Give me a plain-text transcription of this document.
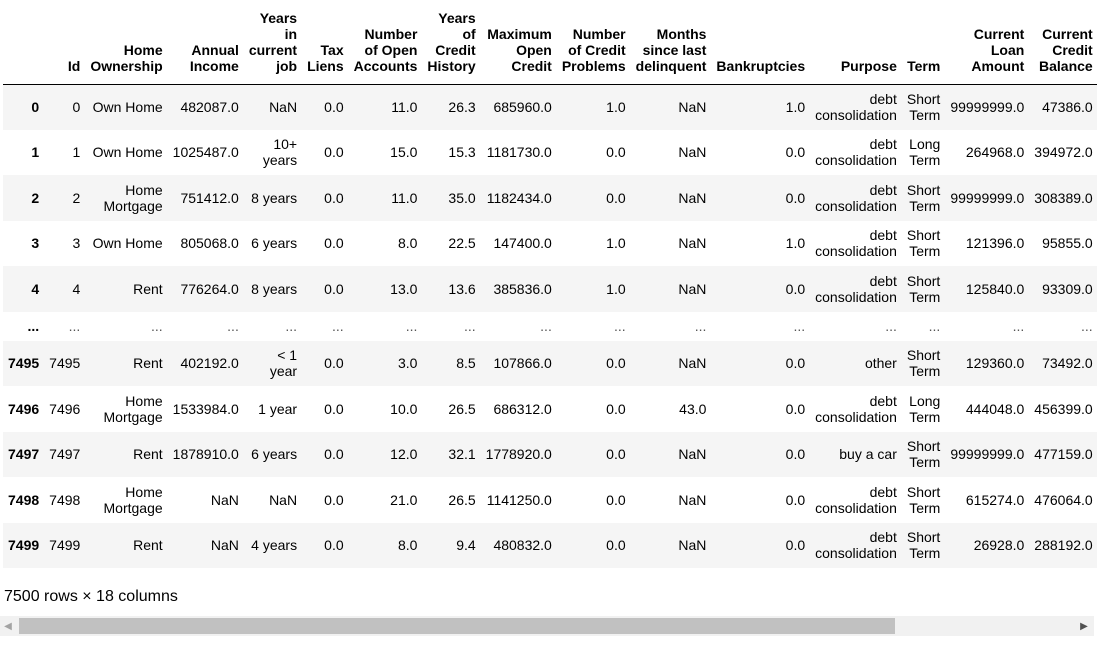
	Id	Home Ownership	Annual Income	Years in current job	Tax Liens	Number of Open Accounts	Years of Credit History	Maximum Open Credit	Number of Credit Problems	Months since last delinquent	Bankruptcies	Purpose	Term	Current Loan Amount	Current Credit Balance
0	0	Own Home	482087.0	NaN	0.0	11.0	26.3	685960.0	1.0	NaN	1.0	debt consolidation	Short Term	99999999.0	47386.0
1	1	Own Home	1025487.0	10+ years	0.0	15.0	15.3	1181730.0	0.0	NaN	0.0	debt consolidation	Long Term	264968.0	394972.0
2	2	Home Mortgage	751412.0	8 years	0.0	11.0	35.0	1182434.0	0.0	NaN	0.0	debt consolidation	Short Term	99999999.0	308389.0
3	3	Own Home	805068.0	6 years	0.0	8.0	22.5	147400.0	1.0	NaN	1.0	debt consolidation	Short Term	121396.0	95855.0
4	4	Rent	776264.0	8 years	0.0	13.0	13.6	385836.0	1.0	NaN	0.0	debt consolidation	Short Term	125840.0	93309.0
...	...	...	...	...	...	...	...	...	...	...	...	...	...	...	...
7495	7495	Rent	402192.0	< 1 year	0.0	3.0	8.5	107866.0	0.0	NaN	0.0	other	Short Term	129360.0	73492.0
7496	7496	Home Mortgage	1533984.0	1 year	0.0	10.0	26.5	686312.0	0.0	43.0	0.0	debt consolidation	Long Term	444048.0	456399.0
7497	7497	Rent	1878910.0	6 years	0.0	12.0	32.1	1778920.0	0.0	NaN	0.0	buy a car	Short Term	99999999.0	477159.0
7498	7498	Home Mortgage	NaN	NaN	0.0	21.0	26.5	1141250.0	0.0	NaN	0.0	debt consolidation	Short Term	615274.0	476064.0
7499	7499	Rent	NaN	4 years	0.0	8.0	9.4	480832.0	0.0	NaN	0.0	debt consolidation	Short Term	26928.0	288192.0
7500 rows × 18 columns
◀	▶
